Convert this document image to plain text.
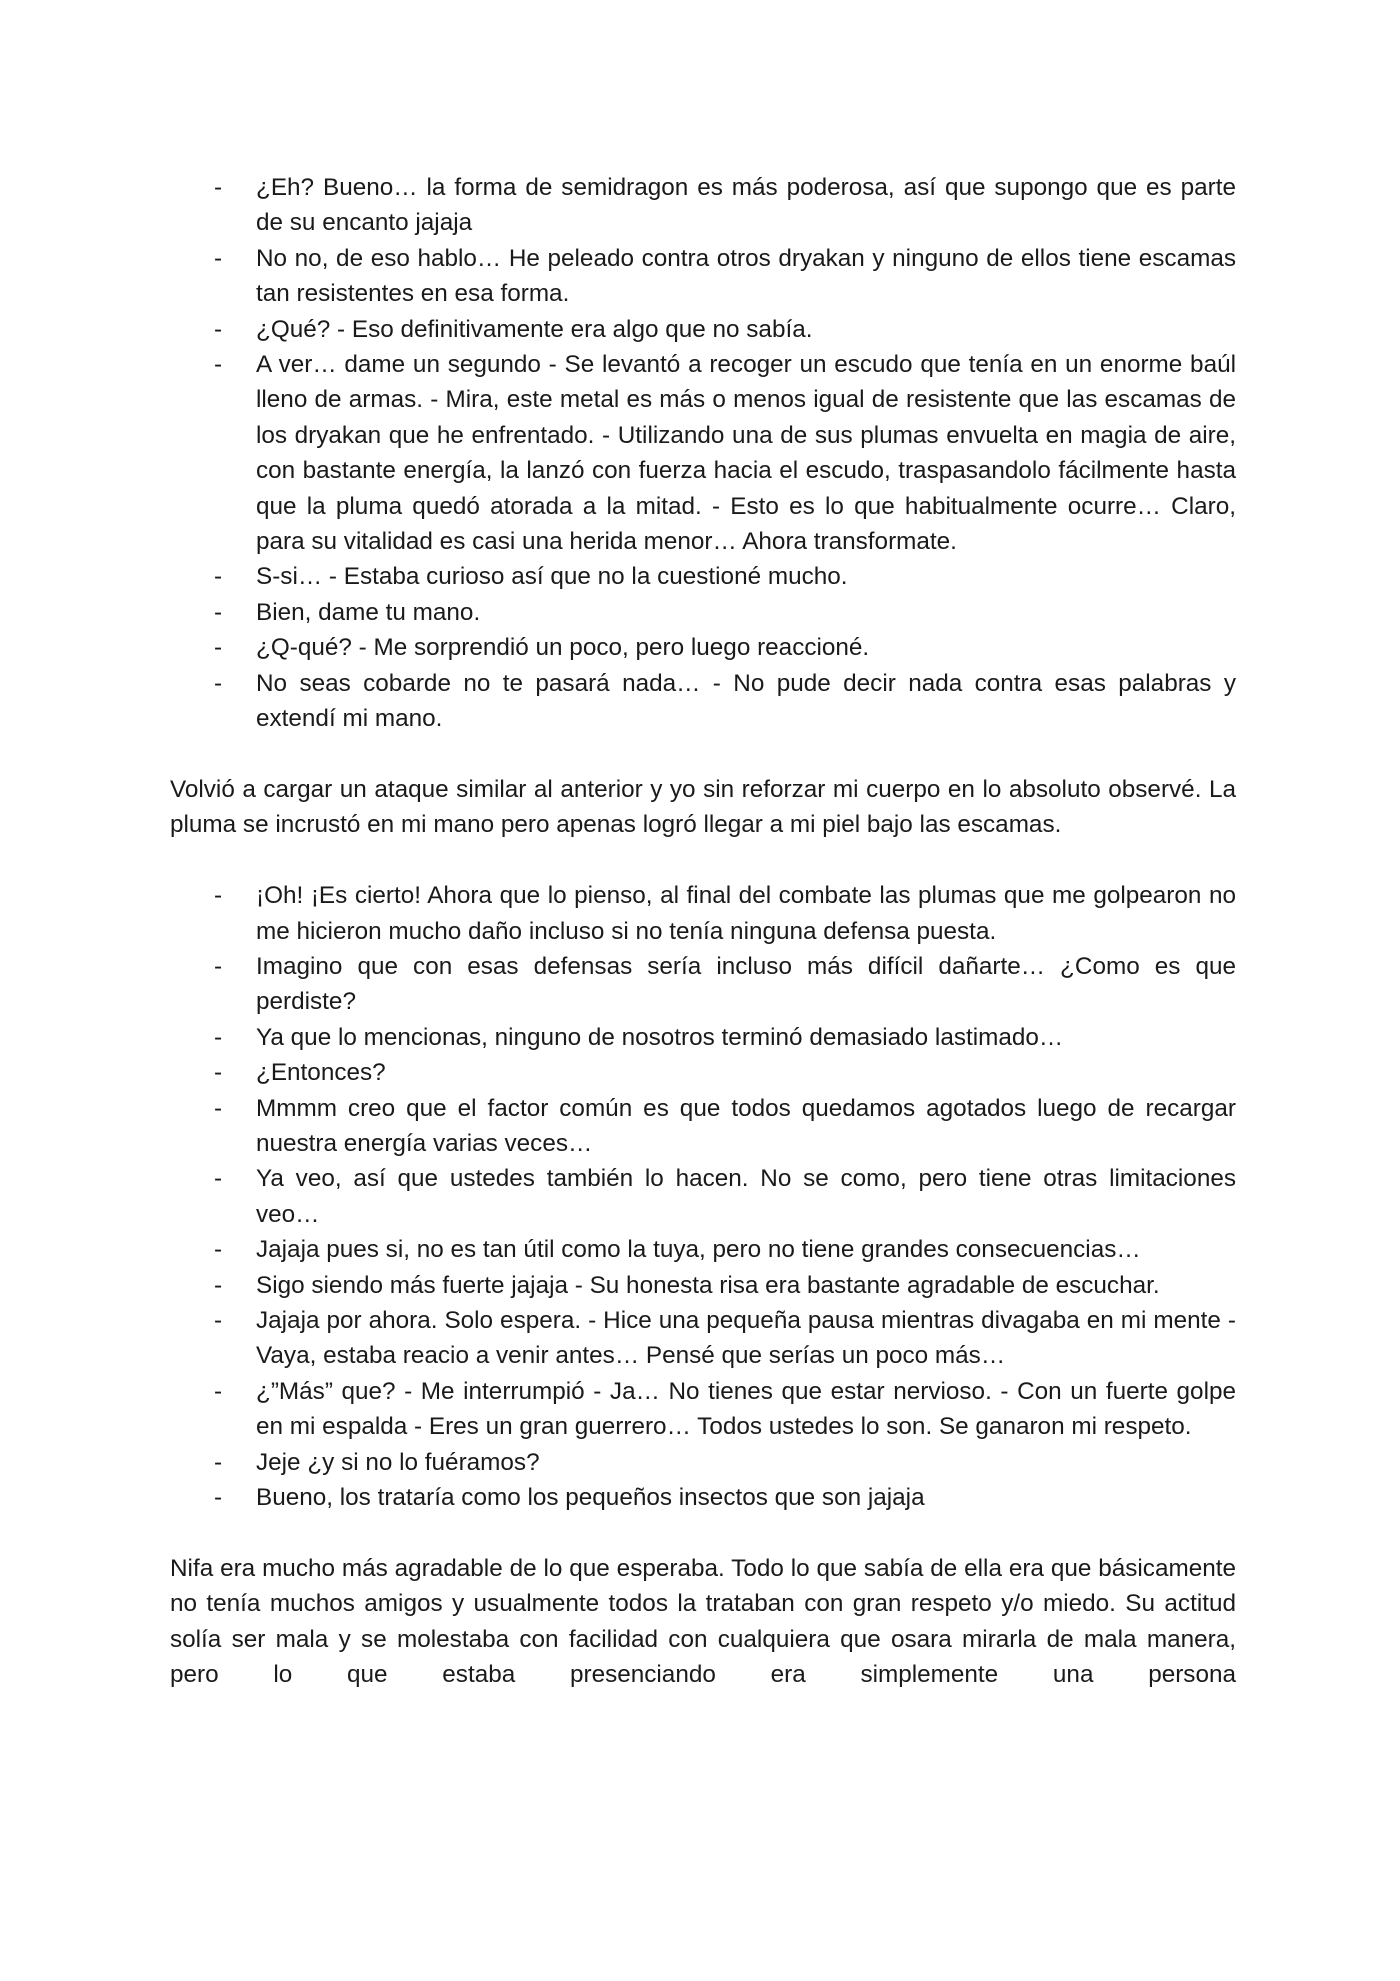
- ¿Eh? Bueno… la forma de semidragon es más poderosa, así que supongo que es parte de su encanto jajaja
- No no, de eso hablo… He peleado contra otros dryakan y ninguno de ellos tiene escamas tan resistentes en esa forma.
- ¿Qué? - Eso definitivamente era algo que no sabía.
- A ver… dame un segundo - Se levantó a recoger un escudo que tenía en un enorme baúl lleno de armas. - Mira, este metal es más o menos igual de resistente que las escamas de los dryakan que he enfrentado. - Utilizando una de sus plumas envuelta en magia de aire, con bastante energía, la lanzó con fuerza hacia el escudo, traspasandolo fácilmente hasta que la pluma quedó atorada a la mitad. - Esto es lo que habitualmente ocurre… Claro, para su vitalidad es casi una herida menor… Ahora transformate.
- S-si… - Estaba curioso así que no la cuestioné mucho.
- Bien, dame tu mano.
- ¿Q-qué? - Me sorprendió un poco, pero luego reaccioné.
- No seas cobarde no te pasará nada… - No pude decir nada contra esas palabras y extendí mi mano.

Volvió a cargar un ataque similar al anterior y yo sin reforzar mi cuerpo en lo absoluto observé. La pluma se incrustó en mi mano pero apenas logró llegar a mi piel bajo las escamas.

- ¡Oh! ¡Es cierto! Ahora que lo pienso, al final del combate las plumas que me golpearon no me hicieron mucho daño incluso si no tenía ninguna defensa puesta.
- Imagino que con esas defensas sería incluso más difícil dañarte… ¿Como es que perdiste?
- Ya que lo mencionas, ninguno de nosotros terminó demasiado lastimado…
- ¿Entonces?
- Mmmm creo que el factor común es que todos quedamos agotados luego de recargar nuestra energía varias veces…
- Ya veo, así que ustedes también lo hacen. No se como, pero tiene otras limitaciones veo…
- Jajaja pues si, no es tan útil como la tuya, pero no tiene grandes consecuencias…
- Sigo siendo más fuerte jajaja - Su honesta risa era bastante agradable de escuchar.
- Jajaja por ahora. Solo espera. - Hice una pequeña pausa mientras divagaba en mi mente - Vaya, estaba reacio a venir antes… Pensé que serías un poco más…
- ¿”Más” que? - Me interrumpió - Ja… No tienes que estar nervioso. - Con un fuerte golpe en mi espalda - Eres un gran guerrero… Todos ustedes lo son. Se ganaron mi respeto.
- Jeje ¿y si no lo fuéramos?
- Bueno, los trataría como los pequeños insectos que son jajaja

Nifa era mucho más agradable de lo que esperaba. Todo lo que sabía de ella era que básicamente no tenía muchos amigos y usualmente todos la trataban con gran respeto y/o miedo. Su actitud solía ser mala y se molestaba con facilidad con cualquiera que osara mirarla de mala manera, pero lo que estaba presenciando era simplemente una persona
